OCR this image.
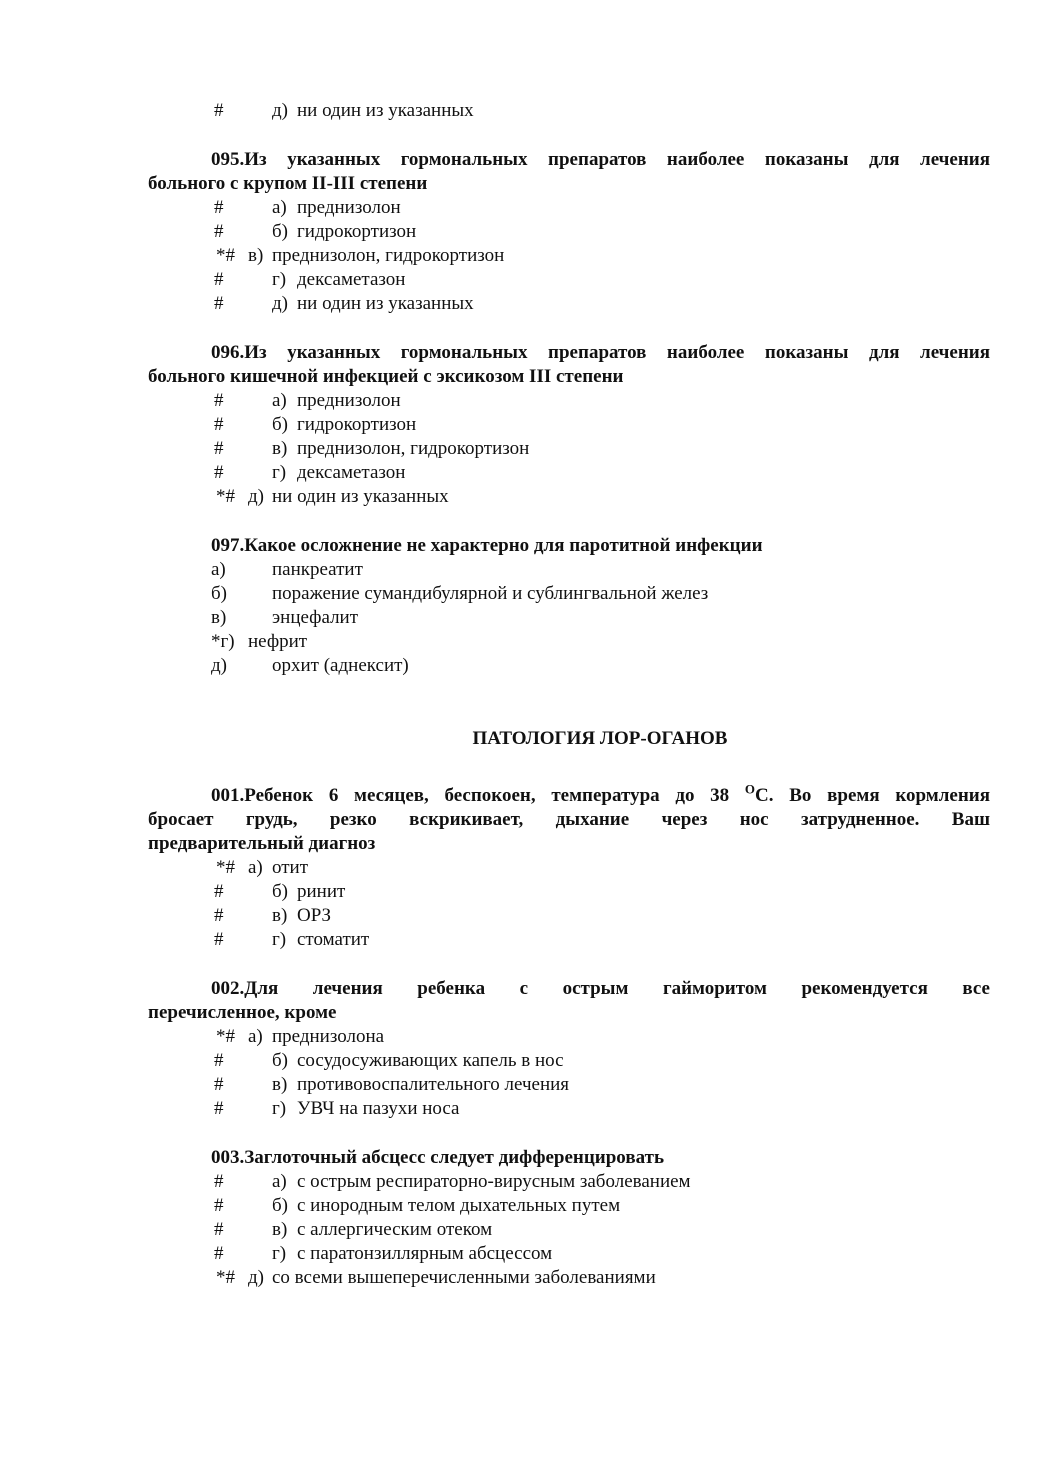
#	д) ни один из указанных
095.Из указанных гормональных препаратов наиболее показаны для лечения
больного с крупом II-III степени
#	а) преднизолон
#	б) гидрокортизон
*# в) преднизолон, гидрокортизон
#	г) дексаметазон
#	д) ни один из указанных
096.Из указанных гормональных препаратов наиболее показаны для лечения
больного кишечной инфекцией с эксикозом III степени
#	а) преднизолон
#	б) гидрокортизон
#	в) преднизолон, гидрокортизон
#	г) дексаметазон
*# д) ни один из указанных
097.Какое осложнение не характерно для паротитной инфекции
а) панкреатит
б) поражение сумандибулярной и сублингвальной желез
в) энцефалит
*г) нефрит
д) орхит (аднексит)
ПАТОЛОГИЯ ЛОР-ОГАНОВ
001.Ребенок 6 месяцев, беспокоен, температура до 38 $^О$С. Во время кормления
бросает грудь, резко вскрикивает, дыхание через нос затрудненное. Ваш
предварительный диагноз
*# а) отит
#	б) ринит
#	в) ОРЗ
#	г) стоматит
002.Для лечения ребенка с острым гайморитом рекомендуется все
перечисленное, кроме
*# а) преднизолона
#	б) сосудосуживающих капель в нос
#	в) противовоспалительного лечения
#	г) УВЧ на пазухи носа
003.Заглоточный абсцесс следует дифференцировать
#	а) с острым респираторно-вирусным заболеванием
#	б) с инородным телом дыхательных путем
#	в) с аллергическим отеком
#	г) с паратонзиллярным абсцессом
*# д) со всеми вышеперечисленными заболеваниями
